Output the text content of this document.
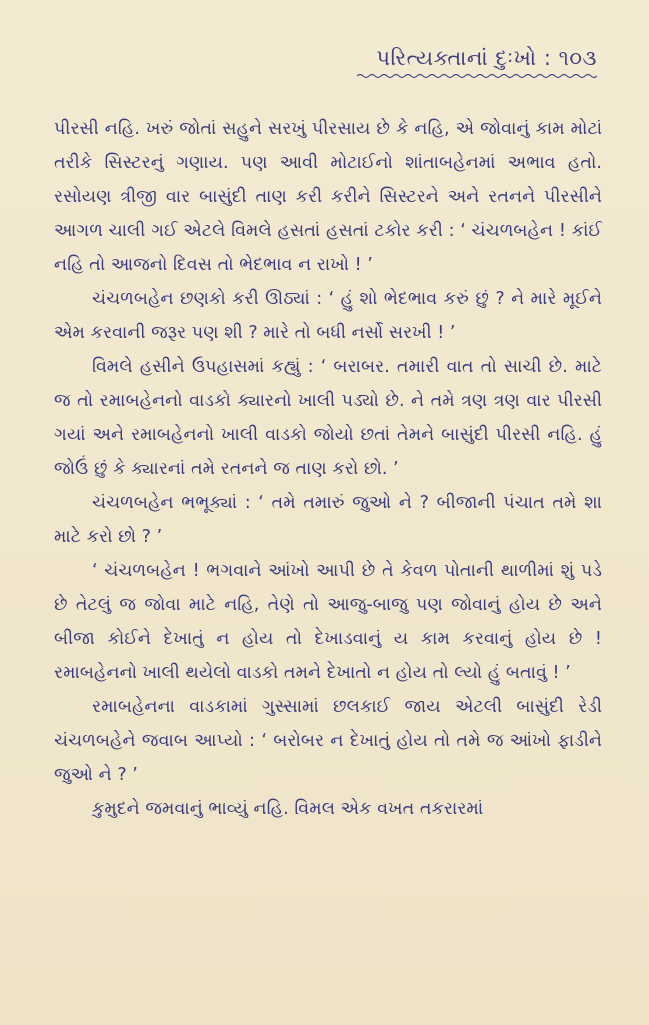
પરિત્યક્તાનાં દુઃખો : ૧૦૩

પીરસી નહિ. ખરું જોતાં સહુને સરખું પીરસાય છે કે નહિ, એ જોવાનું કામ મોટાં તરીકે સિસ્ટરનું ગણાય. પણ આવી મોટાઈનો શાંતાબહેનમાં અભાવ હતો. રસોયણ ત્રીજી વાર બાસુંદી તાણ કરી કરીને સિસ્ટરને અને રતનને પીરસીને આગળ ચાલી ગઈ એટલે વિમલે હસતાં હસતાં ટકોર કરી : ‘ ચંચળબહેન ! કાંઈ નહિ તો આજનો દિવસ તો ભેદભાવ ન રાખો ! ’

ચંચળબહેન છણકો કરી ઊઠ્યાં : ‘ હું શો ભેદભાવ કરું છું ? ને મારે મૂઈને એમ કરવાની જરૂર પણ શી ? મારે તો બધી નર્સો સરખી ! ’

વિમલે હસીને ઉપહાસમાં કહ્યું : ‘ બરાબર. તમારી વાત તો સાચી છે. માટે જ તો રમાબહેનનો વાડકો ક્યારનો ખાલી પડ્યો છે. ને તમે ત્રણ ત્રણ વાર પીરસી ગયાં અને રમાબહેનનો ખાલી વાડકો જોયો છતાં તેમને બાસુંદી પીરસી નહિ. હું જોઉં છું કે ક્યારનાં તમે રતનને જ તાણ કરો છો. ’

ચંચળબહેન ભભૂક્યાં : ‘ તમે તમારું જુઓ ને ? બીજાની પંચાત તમે શા માટે કરો છો ? ’

‘ ચંચળબહેન ! ભગવાને આંખો આપી છે તે કેવળ પોતાની થાળીમાં શું પડે છે તેટલું જ જોવા માટે નહિ, તેણે તો આજુ-બાજુ પણ જોવાનું હોય છે અને બીજા કોઈને દેખાતું ન હોય તો દેખાડવાનું ય કામ કરવાનું હોય છે ! રમાબહેનનો ખાલી થયેલો વાડકો તમને દેખાતો ન હોય તો લ્યો હું બતાવું ! ’

રમાબહેનના વાડકામાં ગુસ્સામાં છલકાઈ જાય એટલી બાસુંદી રેડી ચંચળબહેને જવાબ આપ્યો : ‘ બરોબર ન દેખાતું હોય તો તમે જ આંખો ફાડીને જુઓ ને ? ’

કુમુદને જમવાનું ભાવ્યું નહિ. વિમલ એક વખત તકરારમાં
